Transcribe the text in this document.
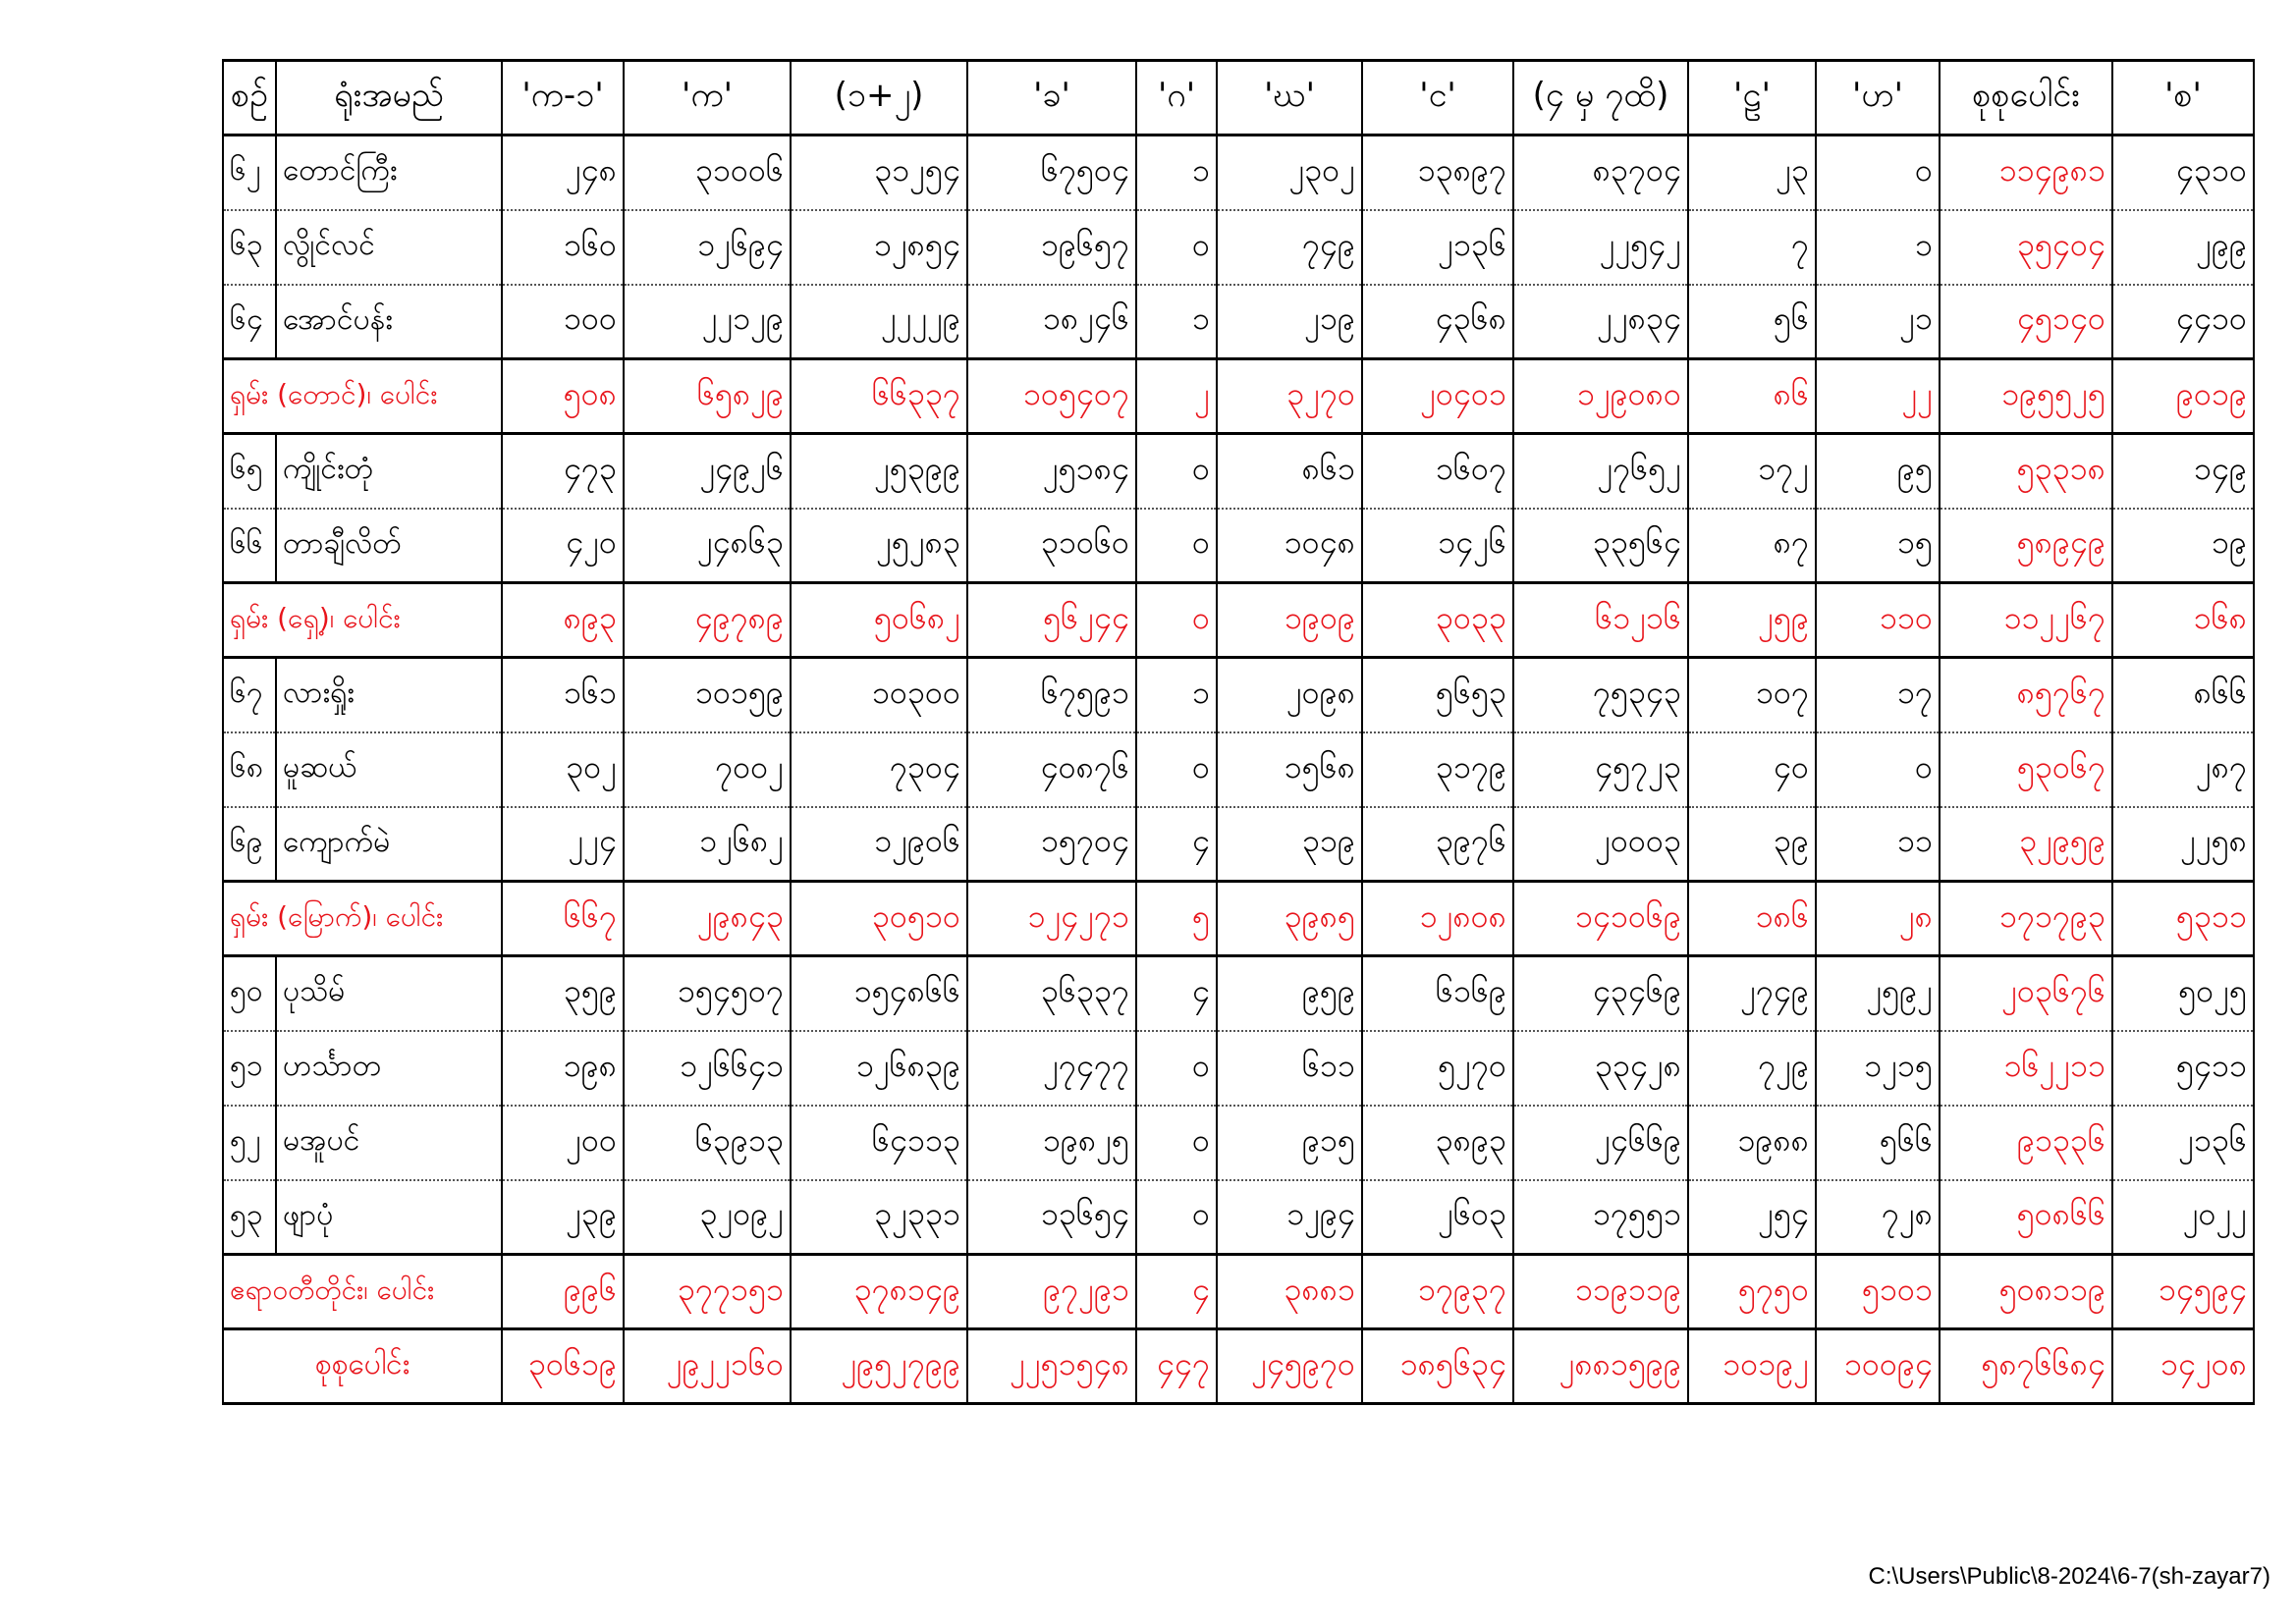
စဉ်	ရုံးအမည်	'က-၁'	'က'	(၁+၂)	'ခ'	'ဂ'	'ဃ'	'င'	(၄ မှ ၇ထိ)	'ဠ'	'ဟ'	စုစုပေါင်း	'စ'
၆၂	တောင်ကြီး	၂၄၈	၃၁၀၀၆	၃၁၂၅၄	၆၇၅၀၄	၁	၂၃၀၂	၁၃၈၉၇	၈၃၇၀၄	၂၃	၀	၁၁၄၉၈၁	၄၃၁၀
၆၃	လွိုင်လင်	၁၆၀	၁၂၆၉၄	၁၂၈၅၄	၁၉၆၅၇	၀	၇၄၉	၂၁၃၆	၂၂၅၄၂	၇	၁	၃၅၄၀၄	၂၉၉
၆၄	အောင်ပန်း	၁၀၀	၂၂၁၂၉	၂၂၂၂၉	၁၈၂၄၆	၁	၂၁၉	၄၃၆၈	၂၂၈၃၄	၅၆	၂၁	၄၅၁၄၀	၄၄၁၀
ရှမ်း (တောင်)၊ ပေါင်း		၅၀၈	၆၅၈၂၉	၆၆၃၃၇	၁၀၅၄၀၇	၂	၃၂၇၀	၂၀၄၀၁	၁၂၉၀၈၀	၈၆	၂၂	၁၉၅၅၂၅	၉၀၁၉
၆၅	ကျိုင်းတုံ	၄၇၃	၂၄၉၂၆	၂၅၃၉၉	၂၅၁၈၄	၀	၈၆၁	၁၆၀၇	၂၇၆၅၂	၁၇၂	၉၅	၅၃၃၁၈	၁၄၉
၆၆	တာချီလိတ်	၄၂၀	၂၄၈၆၃	၂၅၂၈၃	၃၁၀၆၀	၀	၁၀၄၈	၁၄၂၆	၃၃၅၆၄	၈၇	၁၅	၅၈၉၄၉	၁၉
ရှမ်း (ရှေ့)၊ ပေါင်း		၈၉၃	၄၉၇၈၉	၅၀၆၈၂	၅၆၂၄၄	၀	၁၉၀၉	၃၀၃၃	၆၁၂၁၆	၂၅၉	၁၁၀	၁၁၂၂၆၇	၁၆၈
၆၇	လားရှိုး	၁၆၁	၁၀၁၅၉	၁၀၃၀၀	၆၇၅၉၁	၁	၂၀၉၈	၅၆၅၃	၇၅၃၄၃	၁၀၇	၁၇	၈၅၇၆၇	၈၆၆
၆၈	မူဆယ်	၃၀၂	၇၀၀၂	၇၃၀၄	၄၀၈၇၆	၀	၁၅၆၈	၃၁၇၉	၄၅၇၂၃	၄၀	၀	၅၃၀၆၇	၂၈၇
၆၉	ကျောက်မဲ	၂၂၄	၁၂၆၈၂	၁၂၉၀၆	၁၅၇၀၄	၄	၃၁၉	၃၉၇၆	၂၀၀၀၃	၃၉	၁၁	၃၂၉၅၉	၂၂၅၈
ရှမ်း (မြောက်)၊ ပေါင်း		၆၆၇	၂၉၈၄၃	၃၀၅၁၀	၁၂၄၂၇၁	၅	၃၉၈၅	၁၂၈၀၈	၁၄၁၀၆၉	၁၈၆	၂၈	၁၇၁၇၉၃	၅၃၁၁
၅၀	ပုသိမ်	၃၅၉	၁၅၄၅၀၇	၁၅၄၈၆၆	၃၆၃၃၇	၄	၉၅၉	၆၁၆၉	၄၃၄၆၉	၂၇၄၉	၂၅၉၂	၂၀၃၆၇၆	၅၀၂၅
၅၁	ဟင်္သာတ	၁၉၈	၁၂၆၆၄၁	၁၂၆၈၃၉	၂၇၄၇၇	၀	၆၁၁	၅၂၇၀	၃၃၄၂၈	၇၂၉	၁၂၁၅	၁၆၂၂၁၁	၅၄၁၁
၅၂	မအူပင်	၂၀၀	၆၃၉၁၃	၆၄၁၁၃	၁၉၈၂၅	၀	၉၁၅	၃၈၉၃	၂၄၆၆၉	၁၉၈၈	၅၆၆	၉၁၃၃၆	၂၁၃၆
၅၃	ဖျာပုံ	၂၃၉	၃၂၀၉၂	၃၂၃၃၁	၁၃၆၅၄	၀	၁၂၉၄	၂၆၀၃	၁၇၅၅၁	၂၅၄	၇၂၈	၅၀၈၆၆	၂၀၂၂
ဧရာဝတီတိုင်း၊ ပေါင်း		၉၉၆	၃၇၇၁၅၁	၃၇၈၁၄၉	၉၇၂၉၁	၄	၃၈၈၁	၁၇၉၃၇	၁၁၉၁၁၉	၅၇၅၀	၅၁၀၁	၅၀၈၁၁၉	၁၄၅၉၄
စုစုပေါင်း		၃၀၆၁၉	၂၉၂၂၁၆၀	၂၉၅၂၇၉၉	၂၂၅၁၅၄၈	၄၄၇	၂၄၅၉၇၀	၁၈၅၆၃၄	၂၈၈၁၅၉၉	၁၀၁၉၂	၁၀၀၉၄	၅၈၇၆၆၈၄	၁၄၂၀၈
C:\Users\Public\8-2024\6-7(sh-zayar7)
